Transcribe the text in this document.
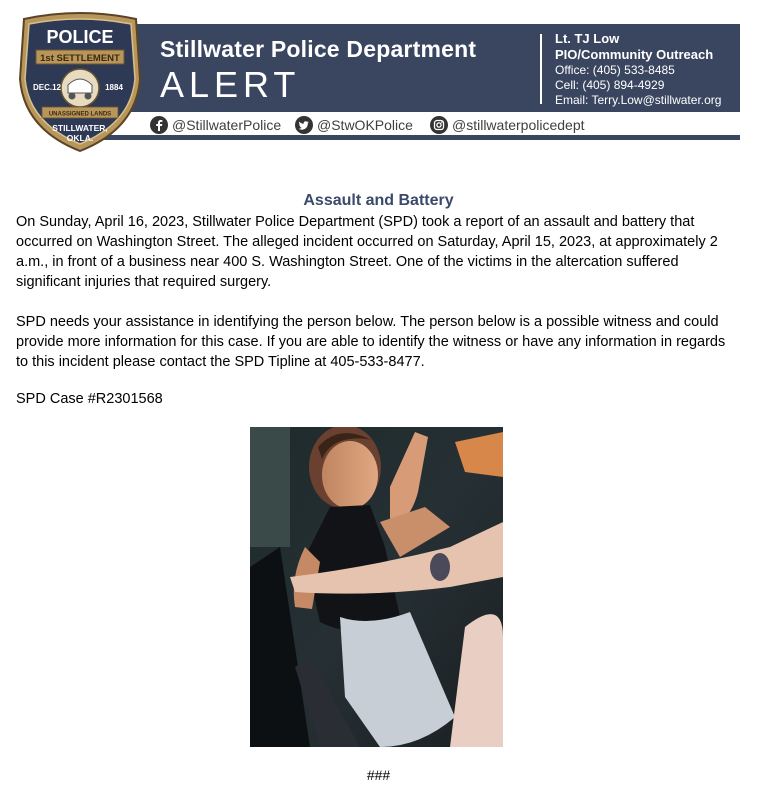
Stillwater Police Department
ALERT
Lt. TJ Low
PIO/Community Outreach
Office: (405) 533-8485
Cell: (405) 894-4929
Email: Terry.Low@stillwater.org
@StillwaterPolice	@StwOKPolice	@stillwaterpolicedept
POLICE
1st SETTLEMENT
DEC.12	1884
UNASSIGNED LANDS
STILLWATER,
OKLA.
Assault and Battery
On Sunday, April 16, 2023, Stillwater Police Department (SPD) took a report of an assault and battery that occurred on Washington Street. The alleged incident occurred on Saturday, April 15, 2023, at approximately 2 a.m., in front of a business near 400 S. Washington Street. One of the victims in the altercation suffered significant injuries that required surgery.
SPD needs your assistance in identifying the person below. The person below is a possible witness and could provide more information for this case. If you are able to identify the witness or have any information in regards to this incident please contact the SPD Tipline at 405-533-8477.
SPD Case #R2301568
###
